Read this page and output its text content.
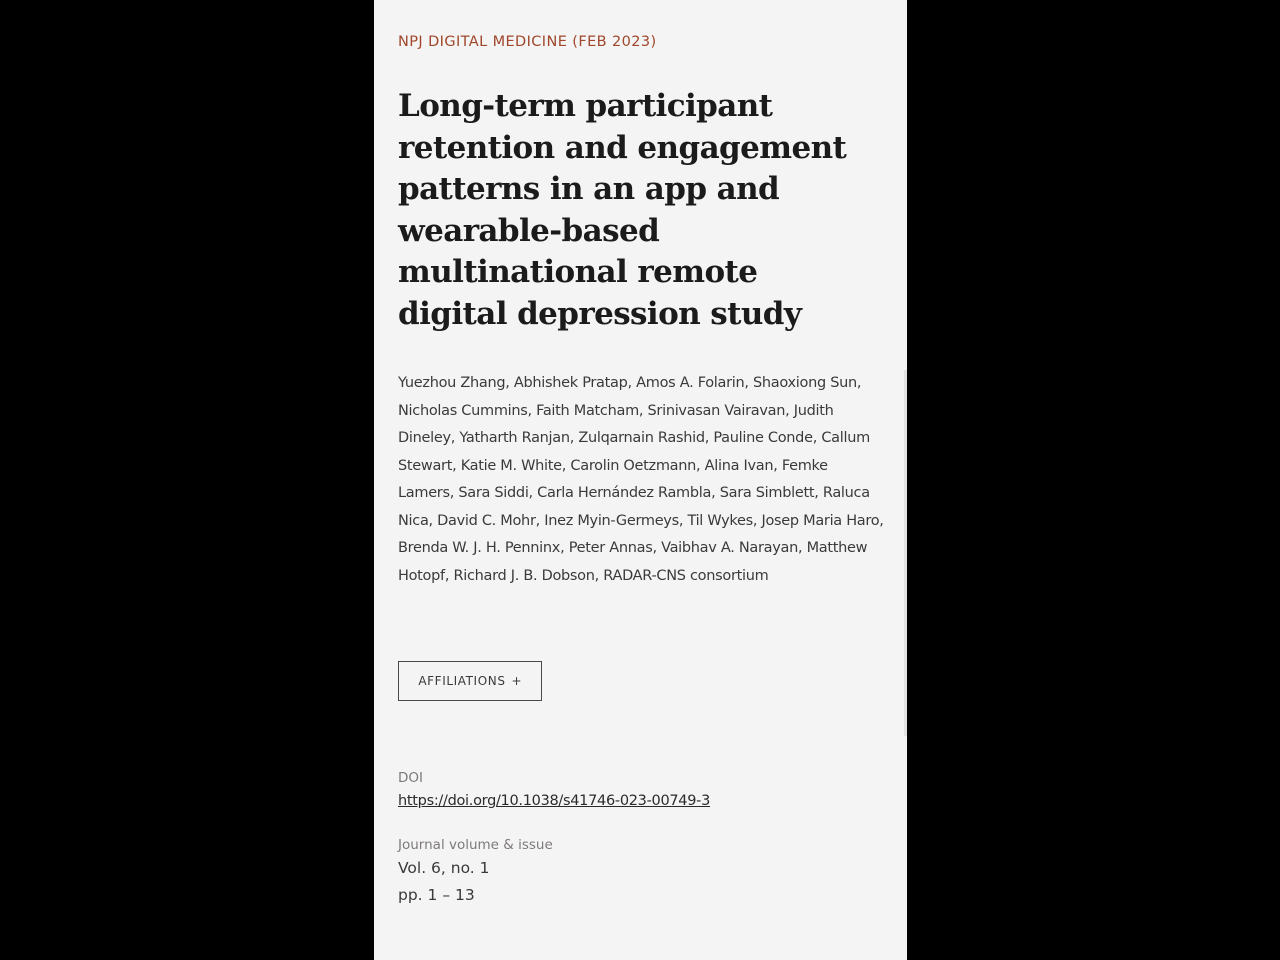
NPJ DIGITAL MEDICINE (FEB 2023)
Long-term participant retention and engagement patterns in an app and wearable-based multinational remote digital depression study

Yuezhou Zhang, Abhishek Pratap, Amos A. Folarin, Shaoxiong Sun, Nicholas Cummins, Faith Matcham, Srinivasan Vairavan, Judith Dineley, Yatharth Ranjan, Zulqarnain Rashid, Pauline Conde, Callum Stewart, Katie M. White, Carolin Oetzmann, Alina Ivan, Femke Lamers, Sara Siddi, Carla Hernández Rambla, Sara Simblett, Raluca Nica, David C. Mohr, Inez Myin-Germeys, Til Wykes, Josep Maria Haro, Brenda W. J. H. Penninx, Peter Annas, Vaibhav A. Narayan, Matthew Hotopf, Richard J. B. Dobson, RADAR-CNS consortium

AFFILIATIONS +
DOI
https://doi.org/10.1038/s41746-023-00749-3
Journal volume & issue
Vol. 6, no. 1
pp. 1 – 13
